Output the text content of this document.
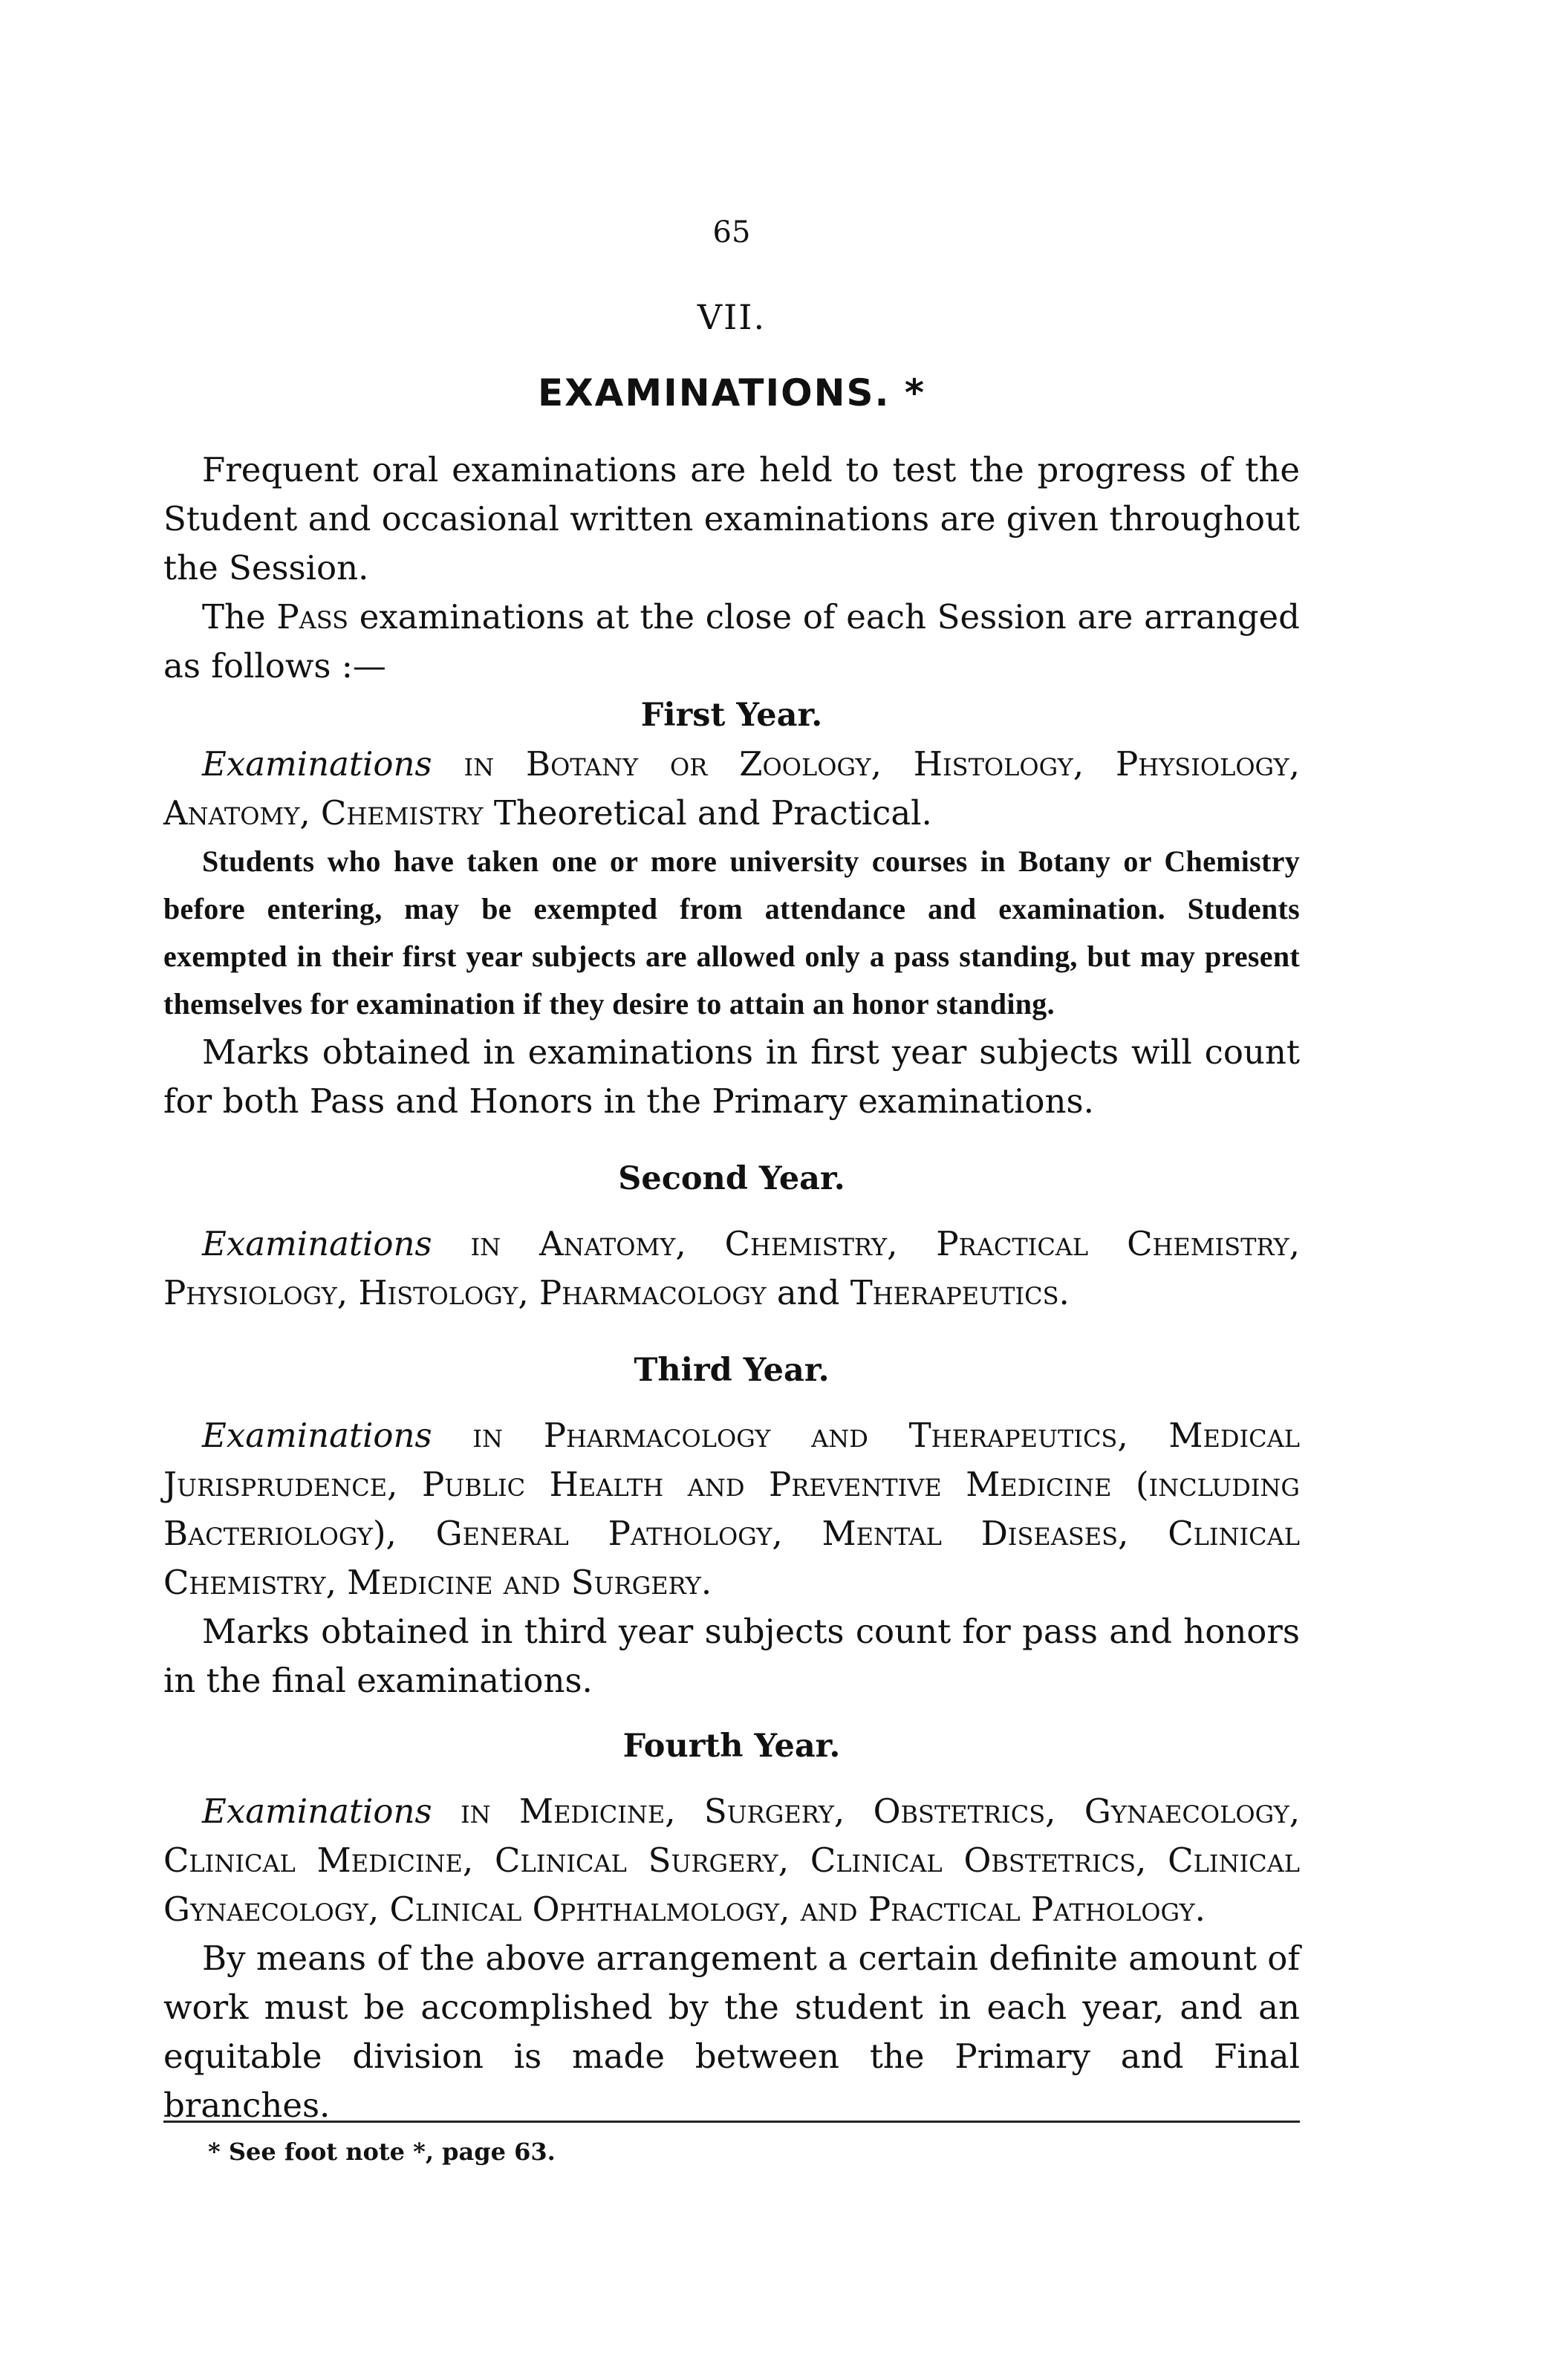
65
VII.
EXAMINATIONS. *

Frequent oral examinations are held to test the progress of the Student and occasional written examinations are given throughout the Session.

The Pass examinations at the close of each Session are arranged as follows :—

First Year.

Examinations in Botany or Zoology, Histology, Physiology, Anatomy, Chemistry Theoretical and Practical.

Students who have taken one or more university courses in Botany or Chemistry before entering, may be exempted from attendance and examination. Students exempted in their first year subjects are allowed only a pass standing, but may present themselves for examination if they desire to attain an honor standing.

Marks obtained in examinations in first year subjects will count for both Pass and Honors in the Primary examinations.

Second Year.

Examinations in Anatomy, Chemistry, Practical Chemistry, Physiology, Histology, Pharmacology and Therapeutics.

Third Year.

Examinations in Pharmacology and Therapeutics, Medical Jurisprudence, Public Health and Preventive Medicine (including Bacteriology), General Pathology, Mental Diseases, Clinical Chemistry, Medicine and Surgery.

Marks obtained in third year subjects count for pass and honors in the final examinations.

Fourth Year.

Examinations in Medicine, Surgery, Obstetrics, Gynaecology, Clinical Medicine, Clinical Surgery, Clinical Obstetrics, Clinical Gynaecology, Clinical Ophthalmology, and Practical Pathology.

By means of the above arrangement a certain definite amount of work must be accomplished by the student in each year, and an equitable division is made between the Primary and Final branches.

* See foot note *, page 63.
